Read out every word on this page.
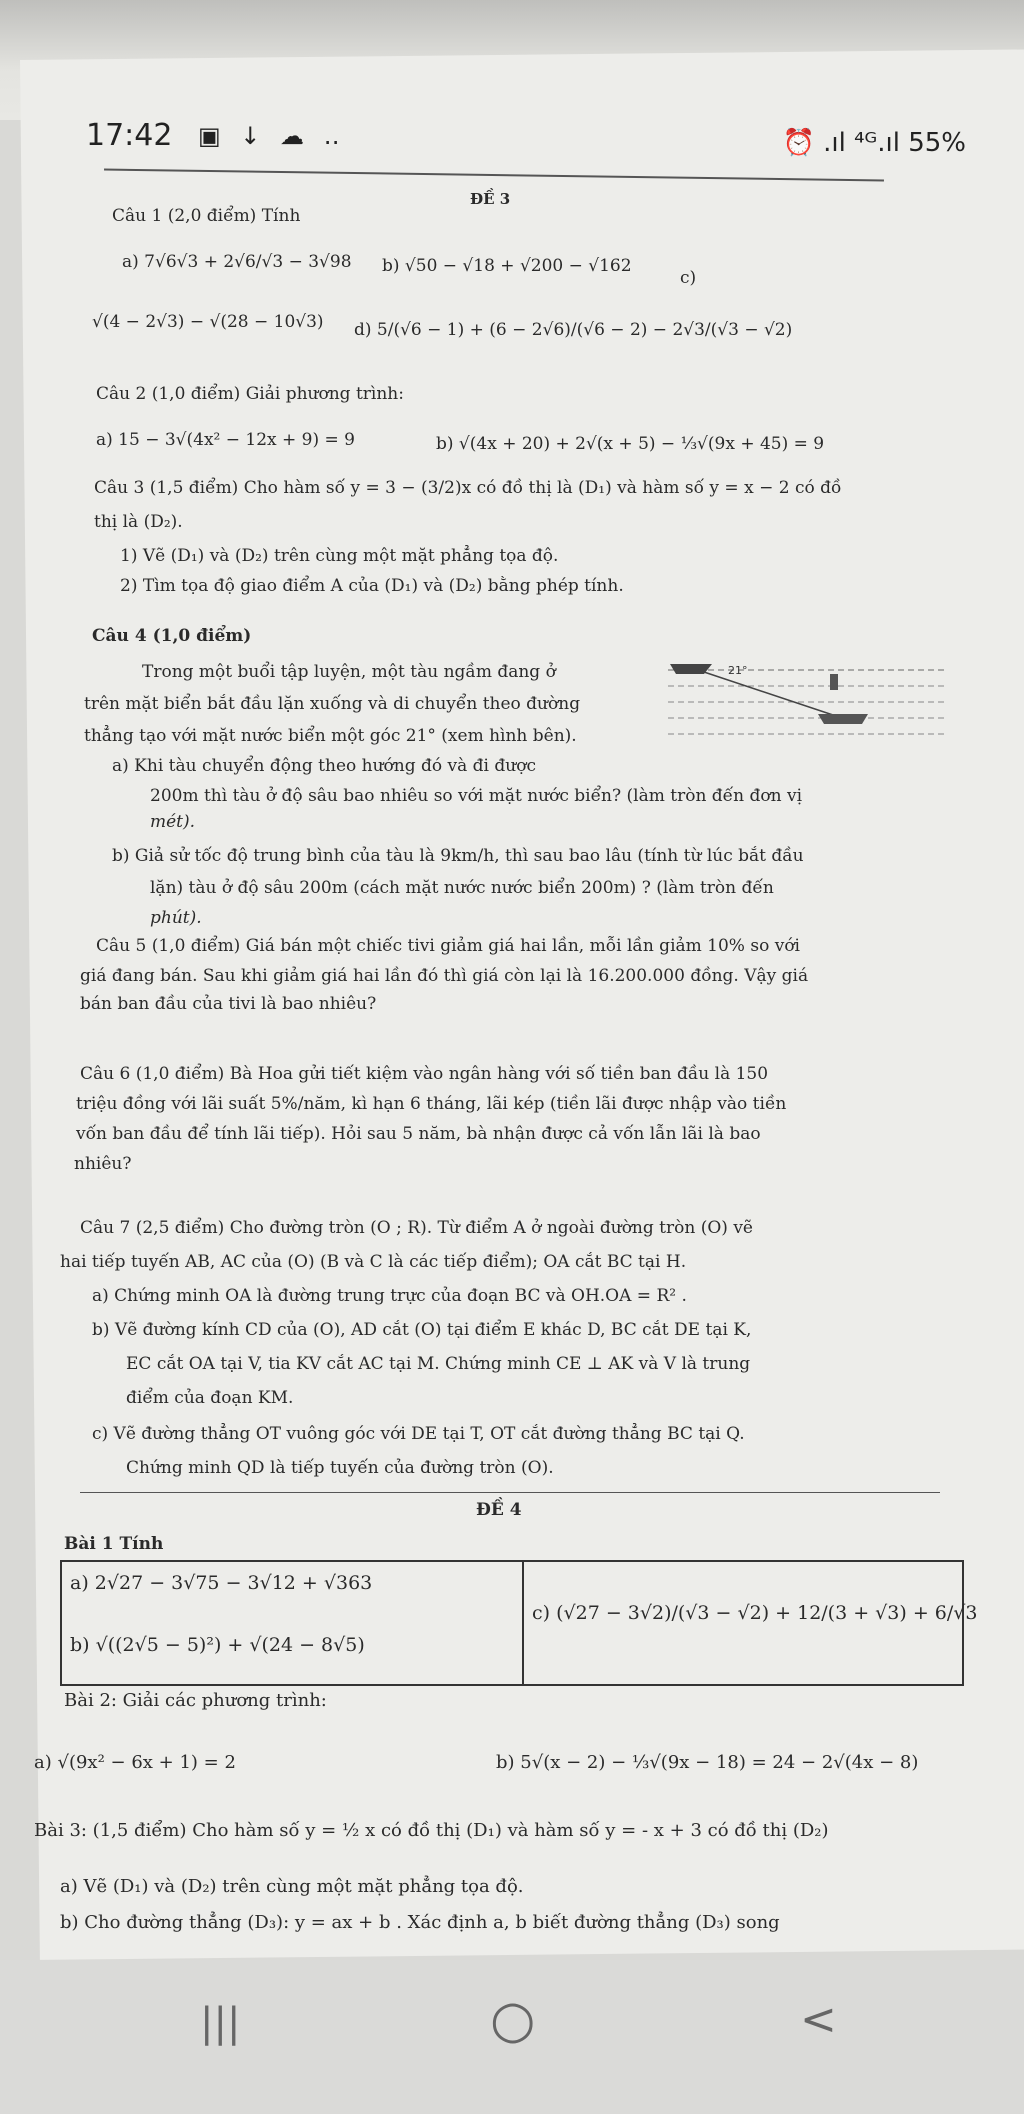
17:42 ▣ ↓ ☁ ‥	⏰ .ıl ⁴ᴳ.ıl 55%
ĐỀ 3
Câu 1 (2,0 điểm) Tính
a) 7√6√3 + 2√6/√3 − 3√98 b) √50 − √18 + √200 − √162
c)
√(4 − 2√3) − √(28 − 10√3) d) 5/(√6 − 1) + (6 − 2√6)/(√6 − 2) − 2√3/(√3 − √2)
Câu 2 (1,0 điểm) Giải phương trình:
a) 15 − 3√(4x² − 12x + 9) = 9	b) √(4x + 20) + 2√(x + 5) − ⅓√(9x + 45) = 9
Câu 3 (1,5 điểm) Cho hàm số y = 3 − (3/2)x có đồ thị là (D₁) và hàm số y = x − 2 có đồ
thị là (D₂).
1) Vẽ (D₁) và (D₂) trên cùng một mặt phẳng tọa độ.
2) Tìm tọa độ giao điểm A của (D₁) và (D₂) bằng phép tính.
Câu 4 (1,0 điểm)
Trong một buổi tập luyện, một tàu ngầm đang ở
trên mặt biển bắt đầu lặn xuống và di chuyển theo đường
thẳng tạo với mặt nước biển một góc 21° (xem hình bên).
21°
a) Khi tàu chuyển động theo hướng đó và đi được
200m thì tàu ở độ sâu bao nhiêu so với mặt nước biển? (làm tròn đến đơn vị
mét).
b) Giả sử tốc độ trung bình của tàu là 9km/h, thì sau bao lâu (tính từ lúc bắt đầu
lặn) tàu ở độ sâu 200m (cách mặt nước nước biển 200m) ? (làm tròn đến
phút).
Câu 5 (1,0 điểm) Giá bán một chiếc tivi giảm giá hai lần, mỗi lần giảm 10% so với
giá đang bán. Sau khi giảm giá hai lần đó thì giá còn lại là 16.200.000 đồng. Vậy giá
bán ban đầu của tivi là bao nhiêu?
Câu 6 (1,0 điểm) Bà Hoa gửi tiết kiệm vào ngân hàng với số tiền ban đầu là 150
triệu đồng với lãi suất 5%/năm, kì hạn 6 tháng, lãi kép (tiền lãi được nhập vào tiền
vốn ban đầu để tính lãi tiếp). Hỏi sau 5 năm, bà nhận được cả vốn lẫn lãi là bao
nhiêu?
Câu 7 (2,5 điểm) Cho đường tròn (O ; R). Từ điểm A ở ngoài đường tròn (O) vẽ
hai tiếp tuyến AB, AC của (O) (B và C là các tiếp điểm); OA cắt BC tại H.
a) Chứng minh OA là đường trung trực của đoạn BC và OH.OA = R² .
b) Vẽ đường kính CD của (O), AD cắt (O) tại điểm E khác D, BC cắt DE tại K,
EC cắt OA tại V, tia KV cắt AC tại M. Chứng minh CE ⊥ AK và V là trung
điểm của đoạn KM.
c) Vẽ đường thẳng OT vuông góc với DE tại T, OT cắt đường thẳng BC tại Q.
Chứng minh QD là tiếp tuyến của đường tròn (O).
ĐỀ 4
Bài 1 Tính
a) 2√27 − 3√75 − 3√12 + √363
b) √((2√5 − 5)²) + √(24 − 8√5)
c) (√27 − 3√2)/(√3 − √2) + 12/(3 + √3) + 6/√3
Bài 2: Giải các phương trình:
a) √(9x² − 6x + 1) = 2	b) 5√(x − 2) − ⅓√(9x − 18) = 24 − 2√(4x − 8)
Bài 3: (1,5 điểm) Cho hàm số y = ½ x có đồ thị (D₁) và hàm số y = - x + 3 có đồ thị (D₂)
a) Vẽ (D₁) và (D₂) trên cùng một mặt phẳng tọa độ.
b) Cho đường thẳng (D₃): y = ax + b . Xác định a, b biết đường thẳng (D₃) song
|||	○	<
